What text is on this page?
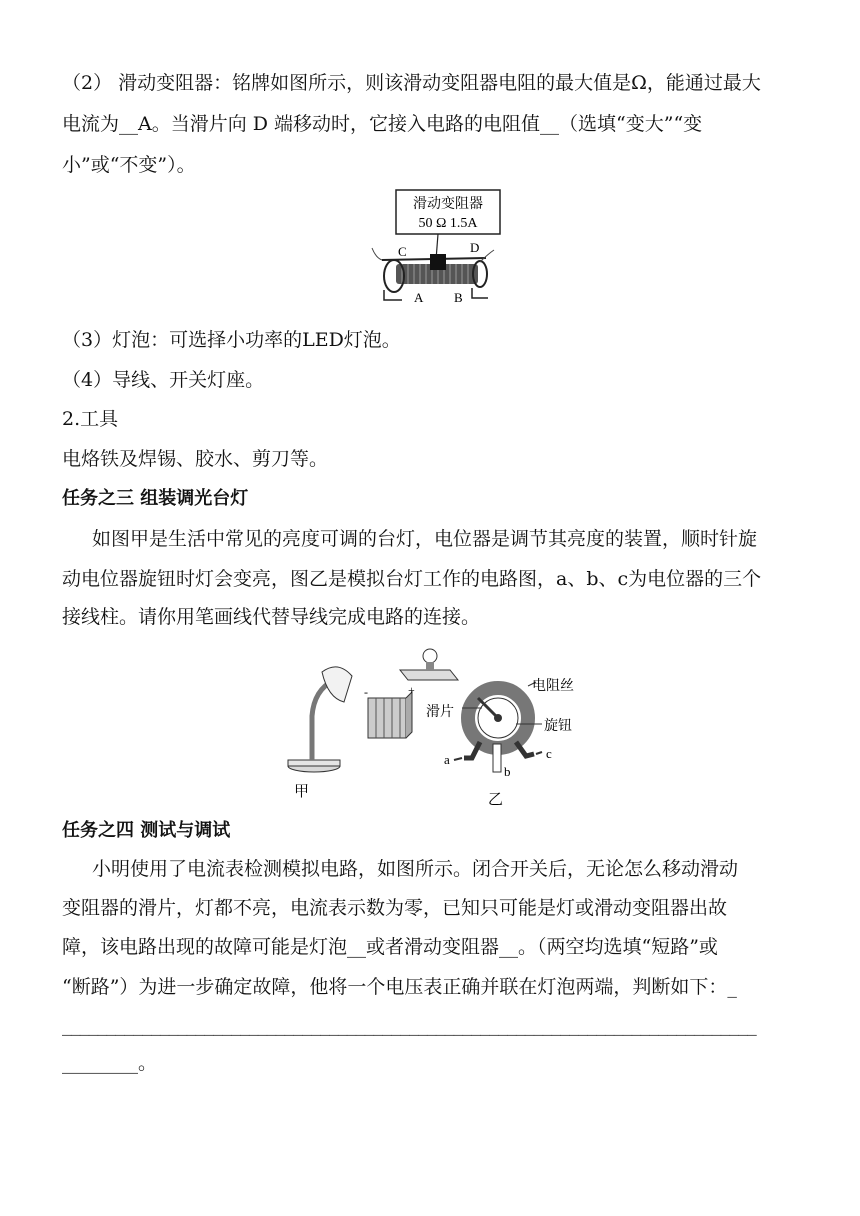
（2） 滑动变阻器：铭牌如图所示，则该滑动变阻器电阻的最大值是Ω，能通过最大
电流为__A。当滑片向 D 端移动时，它接入电路的电阻值__（选填“变大”“变
小”或“不变”）。
滑动变阻器
50 Ω 1.5A
C	D
A B
（3）灯泡：可选择小功率的LED灯泡。
（4）导线、开关灯座。
2.工具
电烙铁及焊锡、胶水、剪刀等。
任务之三 组装调光台灯
如图甲是生活中常见的亮度可调的台灯，电位器是调节其亮度的装置，顺时针旋
动电位器旋钮时灯会变亮，图乙是模拟台灯工作的电路图，a、b、c为电位器的三个
接线柱。请你用笔画线代替导线完成电路的连接。
甲
-	+	电阻丝
滑片
旋钮
a
b
c
乙
任务之四 测试与调试
小明使用了电流表检测模拟电路，如图所示。闭合开关后，无论怎么移动滑动
变阻器的滑片，灯都不亮，电流表示数为零，已知只可能是灯或滑动变阻器出故
障，该电路出现的故障可能是灯泡__或者滑动变阻器__。（两空均选填“短路”或
“断路”）为进一步确定故障，他将一个电压表正确并联在灯泡两端，判断如下：_
______________________________________________________________________________
________。
